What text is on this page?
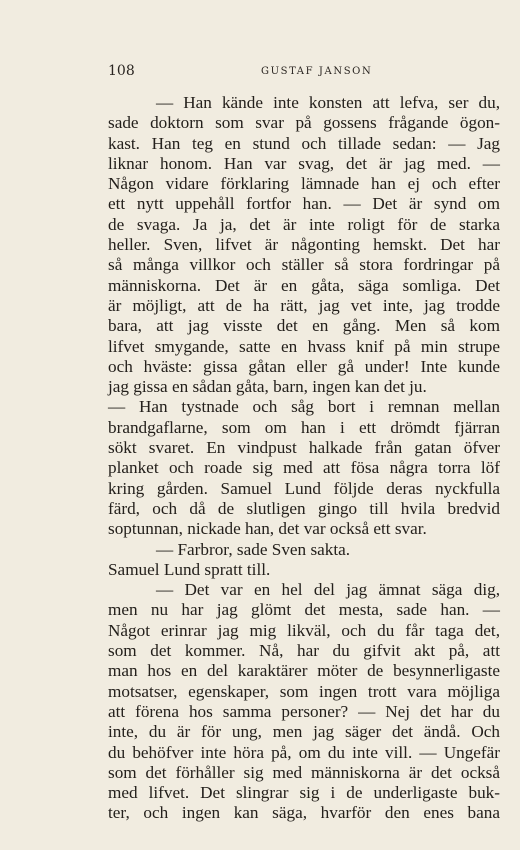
108	GUSTAF JANSON
— Han kände inte konsten att lefva, ser du,
sade doktorn som svar på gossens frågande ögon-
kast. Han teg en stund och tillade sedan: — Jag
liknar honom. Han var svag, det är jag med. —
Någon vidare förklaring lämnade han ej och efter
ett nytt uppehåll fortfor han. — Det är synd om
de svaga. Ja ja, det är inte roligt för de starka
heller. Sven, lifvet är någonting hemskt. Det har
så många villkor och ställer så stora fordringar på
människorna. Det är en gåta, säga somliga. Det
är möjligt, att de ha rätt, jag vet inte, jag trodde
bara, att jag visste det en gång. Men så kom
lifvet smygande, satte en hvass knif på min strupe
och hväste: gissa gåtan eller gå under! Inte kunde
jag gissa en sådan gåta, barn, ingen kan det ju.
— Han tystnade och såg bort i remnan mellan
brandgaflarne, som om han i ett drömdt fjärran
sökt svaret. En vindpust halkade från gatan öfver
planket och roade sig med att fösa några torra löf
kring gården. Samuel Lund följde deras nyckfulla
färd, och då de slutligen gingo till hvila bredvid
soptunnan, nickade han, det var också ett svar.
— Farbror, sade Sven sakta.
Samuel Lund spratt till.
— Det var en hel del jag ämnat säga dig,
men nu har jag glömt det mesta, sade han. —
Något erinrar jag mig likväl, och du får taga det,
som det kommer. Nå, har du gifvit akt på, att
man hos en del karaktärer möter de besynnerligaste
motsatser, egenskaper, som ingen trott vara möjliga
att förena hos samma personer? — Nej det har du
inte, du är för ung, men jag säger det ändå. Och
du behöfver inte höra på, om du inte vill. — Ungefär
som det förhåller sig med människorna är det också
med lifvet. Det slingrar sig i de underligaste buk-
ter, och ingen kan säga, hvarför den enes bana
